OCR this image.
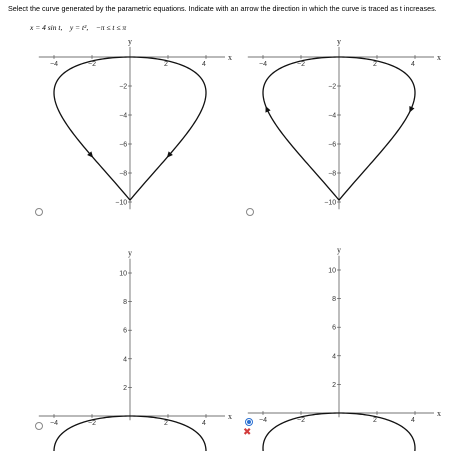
Select the curve generated by the parametric equations. Indicate with an arrow the direction in which the curve is traced as t increases.
x = 4 sin t,    y = t²,    −π ≤ t ≤ π
x
y
−4	−2	2	4
−2
−4
−6
−8
−10
x
y
−4	−2	2	4
−2
−4
−6
−8
−10
x
y
−4	−2	2	4
2
4
6
8
10
x
y
−4	−2	2	4
2
4
6
8
10
✖
